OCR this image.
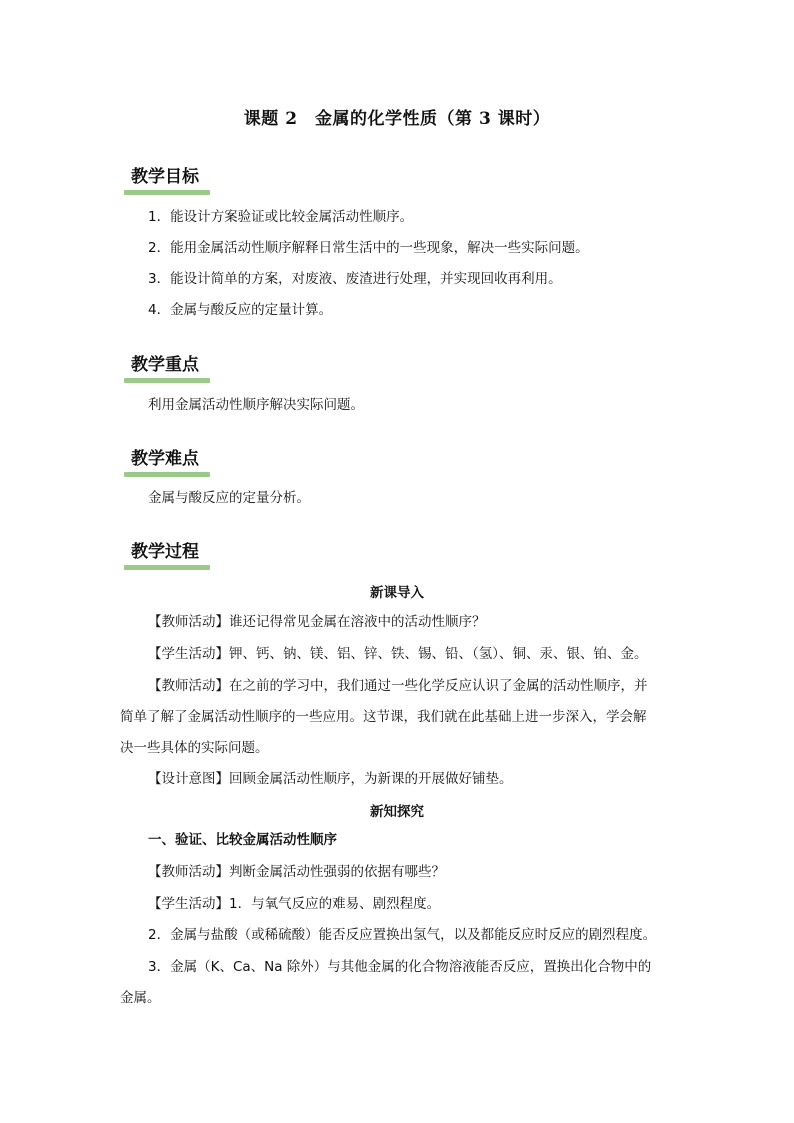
课题 2　金属的化学性质（第 3 课时）
教学目标
1．能设计方案验证或比较金属活动性顺序。
2．能用金属活动性顺序解释日常生活中的一些现象，解决一些实际问题。
3．能设计简单的方案，对废液、废渣进行处理，并实现回收再利用。
4．金属与酸反应的定量计算。
教学重点
利用金属活动性顺序解决实际问题。
教学难点
金属与酸反应的定量分析。
教学过程
新课导入
【教师活动】谁还记得常见金属在溶液中的活动性顺序？
【学生活动】钾、钙、钠、镁、铝、锌、铁、锡、铅、（氢）、铜、汞、银、铂、金。
【教师活动】在之前的学习中，我们通过一些化学反应认识了金属的活动性顺序，并
简单了解了金属活动性顺序的一些应用。这节课，我们就在此基础上进一步深入，学会解
决一些具体的实际问题。
【设计意图】回顾金属活动性顺序，为新课的开展做好铺垫。
新知探究
一、验证、比较金属活动性顺序
【教师活动】判断金属活动性强弱的依据有哪些？
【学生活动】1．与氧气反应的难易、剧烈程度。
2．金属与盐酸（或稀硫酸）能否反应置换出氢气，以及都能反应时反应的剧烈程度。
3．金属（K、Ca、Na 除外）与其他金属的化合物溶液能否反应，置换出化合物中的
金属。
